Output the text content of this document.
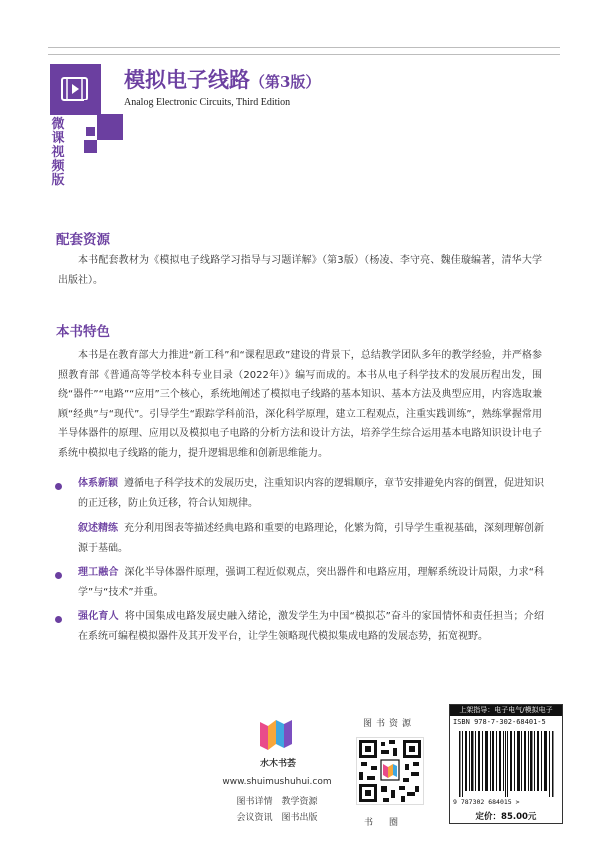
微
课
视
频
版
模拟电子线路（第3版）
Analog Electronic Circuits, Third Edition
配套资源
本书配套教材为《模拟电子线路学习指导与习题详解》（第3版）（杨凌、李守亮、魏佳璇编著，清华大学出版社）。
本书特色
本书是在教育部大力推进“新工科”和“课程思政”建设的背景下，总结教学团队多年的教学经验，并严格参照教育部《普通高等学校本科专业目录（2022年）》编写而成的。本书从电子科学技术的发展历程出发，围绕“器件”“电路”“应用”三个核心，系统地阐述了模拟电子线路的基本知识、基本方法及典型应用，内容选取兼顾“经典”与“现代”。引导学生“跟踪学科前沿，深化科学原理，建立工程观点，注重实践训练”，熟练掌握常用半导体器件的原理、应用以及模拟电子电路的分析方法和设计方法，培养学生综合运用基本电路知识设计电子系统中模拟电子线路的能力，提升逻辑思维和创新思维能力。
体系新颖 遵循电子科学技术的发展历史，注重知识内容的逻辑顺序，章节安排避免内容的倒置，促进知识的正迁移，防止负迁移，符合认知规律。
叙述精练 充分利用图表等描述经典电路和重要的电路理论，化繁为简，引导学生重视基础，深刻理解创新源于基础。
理工融合 深化半导体器件原理，强调工程近似观点，突出器件和电路应用，理解系统设计局限，力求“科学”与“技术”并重。
强化育人 将中国集成电路发展史融入绪论，激发学生为中国“模拟芯”奋斗的家国情怀和责任担当；介绍在系统可编程模拟器件及其开发平台，让学生领略现代模拟集成电路的发展态势，拓宽视野。
水木书荟
www.shuimushuhui.com
图书详情　教学资源
会议资讯　图书出版
图书资源
书圈
上架指导：电子电气/模拟电子
ISBN 978-7-302-68401-5
9 787302 684015 >
定价：85.00元
